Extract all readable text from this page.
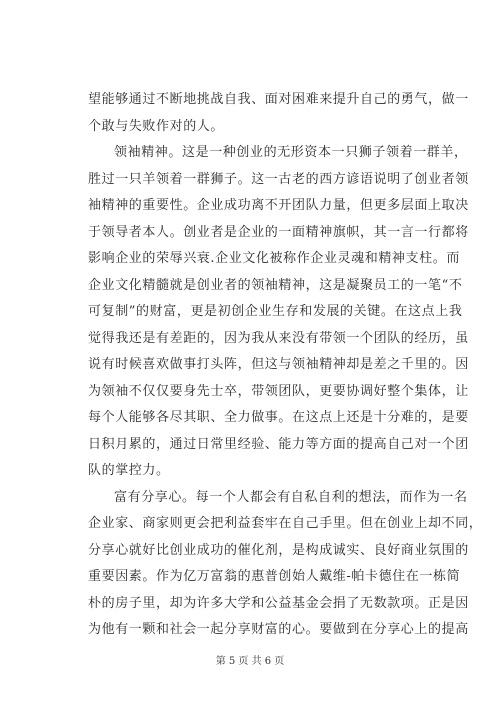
望能够通过不断地挑战自我、面对困难来提升自己的勇气，做一
个敢与失败作对的人。
领袖精神。这是一种创业的无形资本一只狮子领着一群羊，
胜过一只羊领着一群狮子。这一古老的西方谚语说明了创业者领
袖精神的重要性。企业成功离不开团队力量，但更多层面上取决
于领导者本人。创业者是企业的一面精神旗帜，其一言一行都将
影响企业的荣辱兴衰.企业文化被称作企业灵魂和精神支柱。而
企业文化精髓就是创业者的领袖精神，这是凝聚员工的一笔“不
可复制”的财富，更是初创企业生存和发展的关键。在这点上我
觉得我还是有差距的，因为我从来没有带领一个团队的经历，虽
说有时候喜欢做事打头阵，但这与领袖精神却是差之千里的。因
为领袖不仅仅要身先士卒，带领团队，更要协调好整个集体，让
每个人能够各尽其职、全力做事。在这点上还是十分难的，是要
日积月累的，通过日常里经验、能力等方面的提高自己对一个团
队的掌控力。
富有分享心。每一个人都会有自私自利的想法，而作为一名
企业家、商家则更会把利益套牢在自己手里。但在创业上却不同，
分享心就好比创业成功的催化剂，是构成诚实、良好商业氛围的
重要因素。作为亿万富翁的惠普创始人戴维-帕卡德住在一栋简
朴的房子里，却为许多大学和公益基金会捐了无数款项。正是因
为他有一颗和社会一起分享财富的心。要做到在分享心上的提高
第 5 页 共 6 页
